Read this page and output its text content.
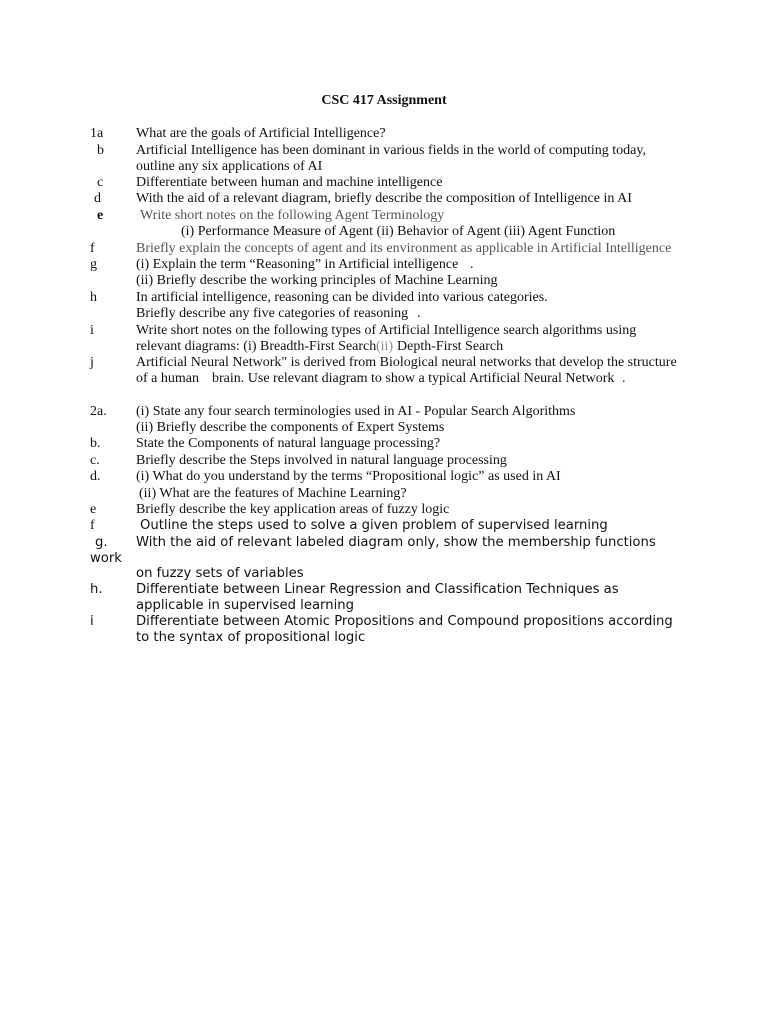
CSC 417 Assignment
1a What are the goals of Artificial Intelligence?
b Artificial Intelligence has been dominant in various fields in the world of computing today,
outline any six applications of AI
c Differentiate between human and machine intelligence
d	With the aid of a relevant diagram, briefly describe the composition of Intelligence in AI
e	Write short notes on the following Agent Terminology
(i) Performance Measure of Agent (ii) Behavior of Agent (iii) Agent Function
f	Briefly explain the concepts of agent and its environment as applicable in Artificial Intelligence
g	(i) Explain the term “Reasoning” in Artificial intelligence .
(ii) Briefly describe the working principles of Machine Learning
h	In artificial intelligence, reasoning can be divided into various categories.
Briefly describe any five categories of reasoning .
i	Write short notes on the following types of Artificial Intelligence search algorithms using
relevant diagrams: (i) Breadth-First Search (ii) Depth-First Search
j	Artificial Neural Network" is derived from Biological neural networks that develop the structure
of a human brain. Use relevant diagram to show a typical Artificial Neural Network .
2a. (i) State any four search terminologies used in AI - Popular Search Algorithms
(ii) Briefly describe the components of Expert Systems
b.	State the Components of natural language processing?
c.	Briefly describe the Steps involved in natural language processing
d.	(i) What do you understand by the terms “Propositional logic” as used in AI
(ii) What are the features of Machine Learning?
e	Briefly describe the key application areas of fuzzy logic
f	Outline the steps used to solve a given problem of supervised learning
g. With the aid of relevant labeled diagram only, show the membership functions
work
on fuzzy sets of variables
h.	Differentiate between Linear Regression and Classification Techniques as
applicable in supervised learning
i	Differentiate between Atomic Propositions and Compound propositions according
to the syntax of propositional logic
